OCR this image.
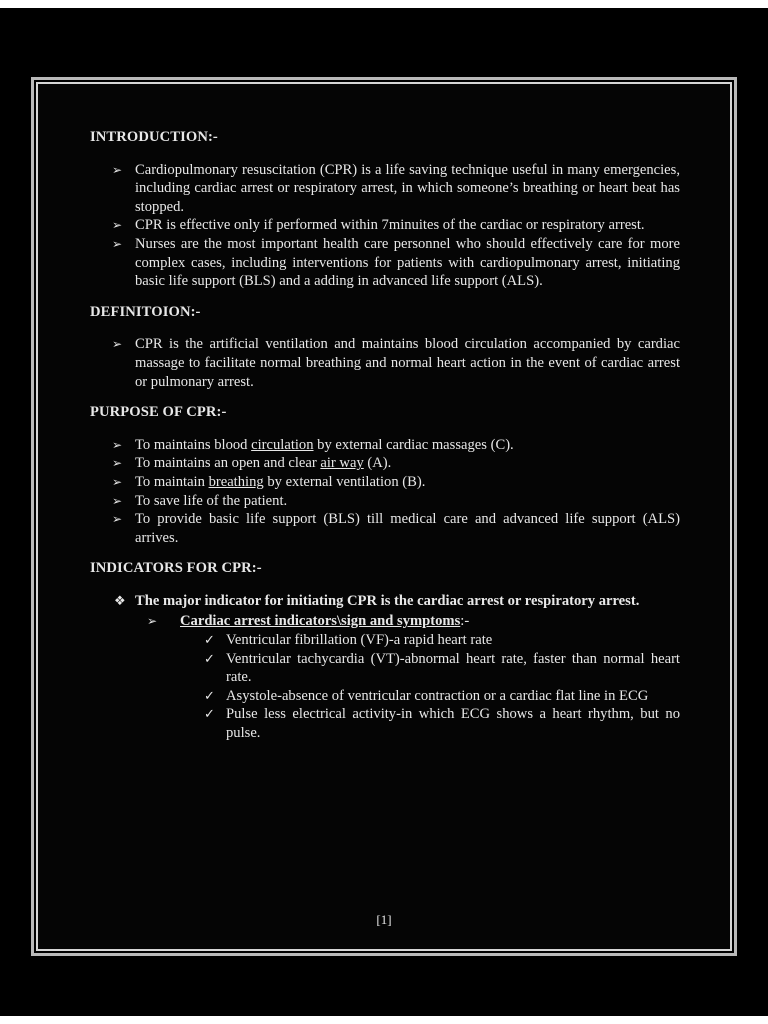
INTRODUCTION:-
➢ Cardiopulmonary resuscitation (CPR) is a life saving technique useful in many emergencies, including cardiac arrest or respiratory arrest, in which someone’s breathing or heart beat has stopped.
➢ CPR is effective only if performed within 7minuites of the cardiac or respiratory arrest.
➢ Nurses are the most important health care personnel who should effectively care for more complex cases, including interventions for patients with cardiopulmonary arrest, initiating basic life support (BLS) and a adding in advanced life support (ALS).
DEFINITOION:-
➢ CPR is the artificial ventilation and maintains blood circulation accompanied by cardiac massage to facilitate normal breathing and normal heart action in the event of cardiac arrest or pulmonary arrest.
PURPOSE OF CPR:-
➢ To maintains blood circulation by external cardiac massages (C).
➢ To maintains an open and clear air way (A).
➢ To maintain breathing by external ventilation (B).
➢ To save life of the patient.
➢ To provide basic life support (BLS) till medical care and advanced life support (ALS) arrives.
INDICATORS FOR CPR:-
❖ The major indicator for initiating CPR is the cardiac arrest or respiratory arrest.
➢ Cardiac arrest indicators\sign and symptoms:-
✓ Ventricular fibrillation (VF)-a rapid heart rate
✓ Ventricular tachycardia (VT)-abnormal heart rate, faster than normal heart rate.
✓ Asystole-absence of ventricular contraction or a cardiac flat line in ECG
✓ Pulse less electrical activity-in which ECG shows a heart rhythm, but no pulse.
[1]
